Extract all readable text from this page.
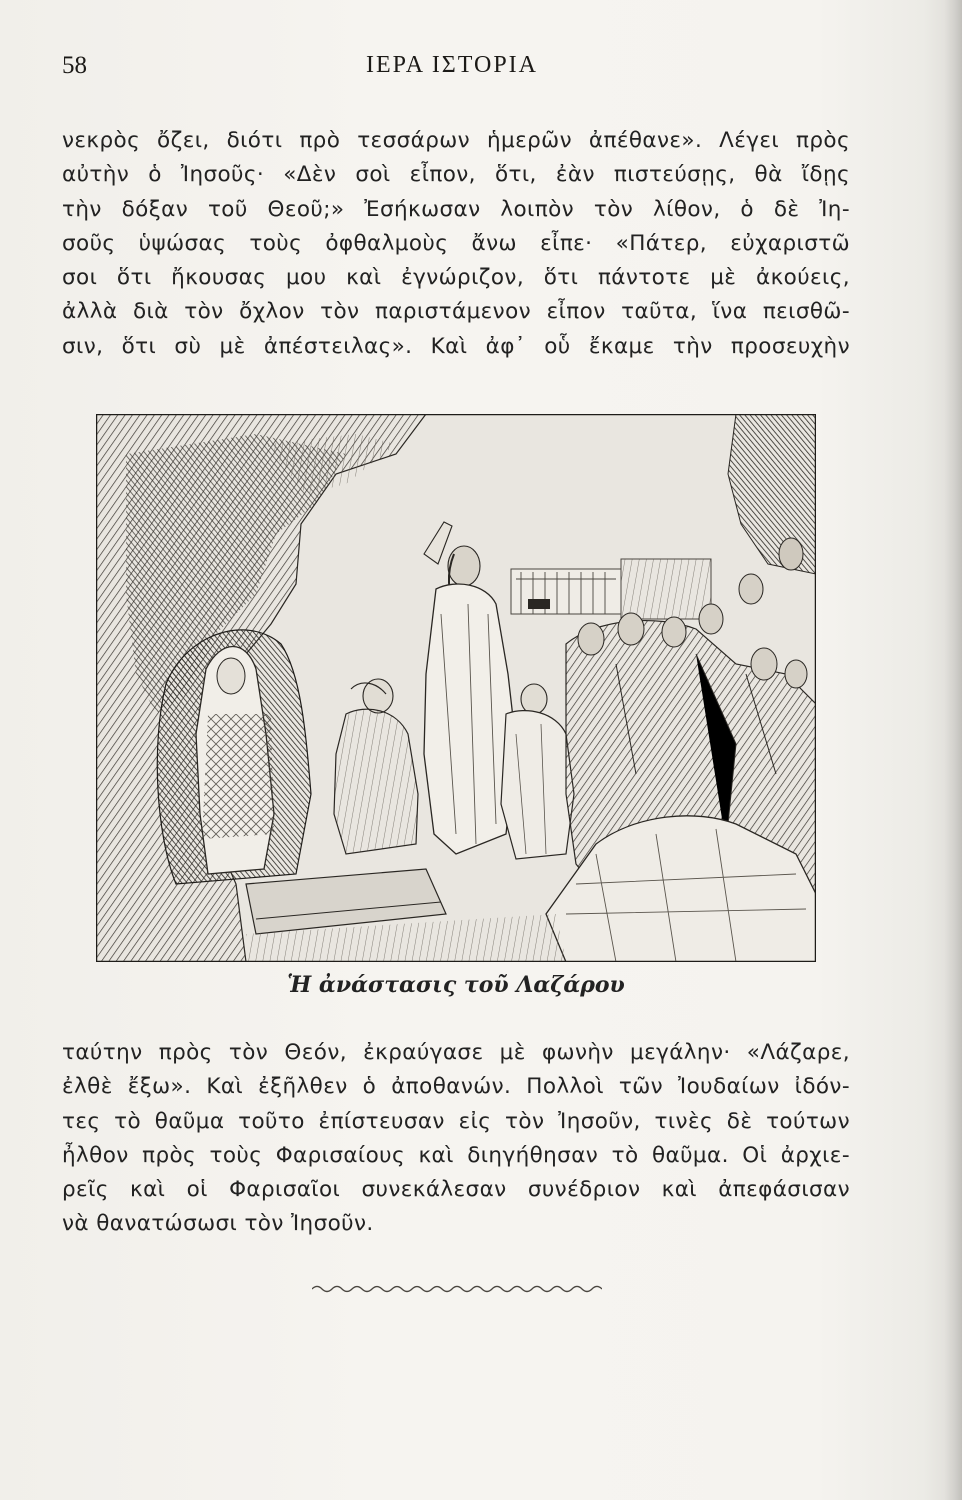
58	ΙΕΡΑ ΙΣΤΟΡΙΑ
νεκρὸς ὄζει, διότι πρὸ τεσσάρων ἡμερῶν ἀπέθανε». Λέγει πρὸς
αὐτὴν ὁ Ἰησοῦς· «Δὲν σοὶ εἶπον, ὅτι, ἐὰν πιστεύσῃς, θὰ ἴδῃς
τὴν δόξαν τοῦ Θεοῦ;» Ἐσήκωσαν λοιπὸν τὸν λίθον, ὁ δὲ Ἰη-
σοῦς ὑψώσας τοὺς ὀφθαλμοὺς ἄνω εἶπε· «Πάτερ, εὐχαριστῶ
σοι ὅτι ἤκουσας μου καὶ ἐγνώριζον, ὅτι πάντοτε μὲ ἀκούεις,
ἀλλὰ διὰ τὸν ὄχλον τὸν παριστάμενον εἶπον ταῦτα, ἵνα πεισθῶ-
σιν, ὅτι σὺ μὲ ἀπέστειλας». Καὶ ἀφ᾽ οὗ ἔκαμε τὴν προσευχὴν
Ἡ ἀνάστασις τοῦ Λαζάρου
ταύτην πρὸς τὸν Θεόν, ἐκραύγασε μὲ φωνὴν μεγάλην· «Λάζαρε,
ἐλθὲ ἔξω». Καὶ ἐξῆλθεν ὁ ἀποθανών. Πολλοὶ τῶν Ἰουδαίων ἰδόν-
τες τὸ θαῦμα τοῦτο ἐπίστευσαν εἰς τὸν Ἰησοῦν, τινὲς δὲ τούτων
ἦλθον πρὸς τοὺς Φαρισαίους καὶ διηγήθησαν τὸ θαῦμα. Οἱ ἀρχιε-
ρεῖς καὶ οἱ Φαρισαῖοι συνεκάλεσαν συνέδριον καὶ ἀπεφάσισαν
νὰ θανατώσωσι τὸν Ἰησοῦν.
